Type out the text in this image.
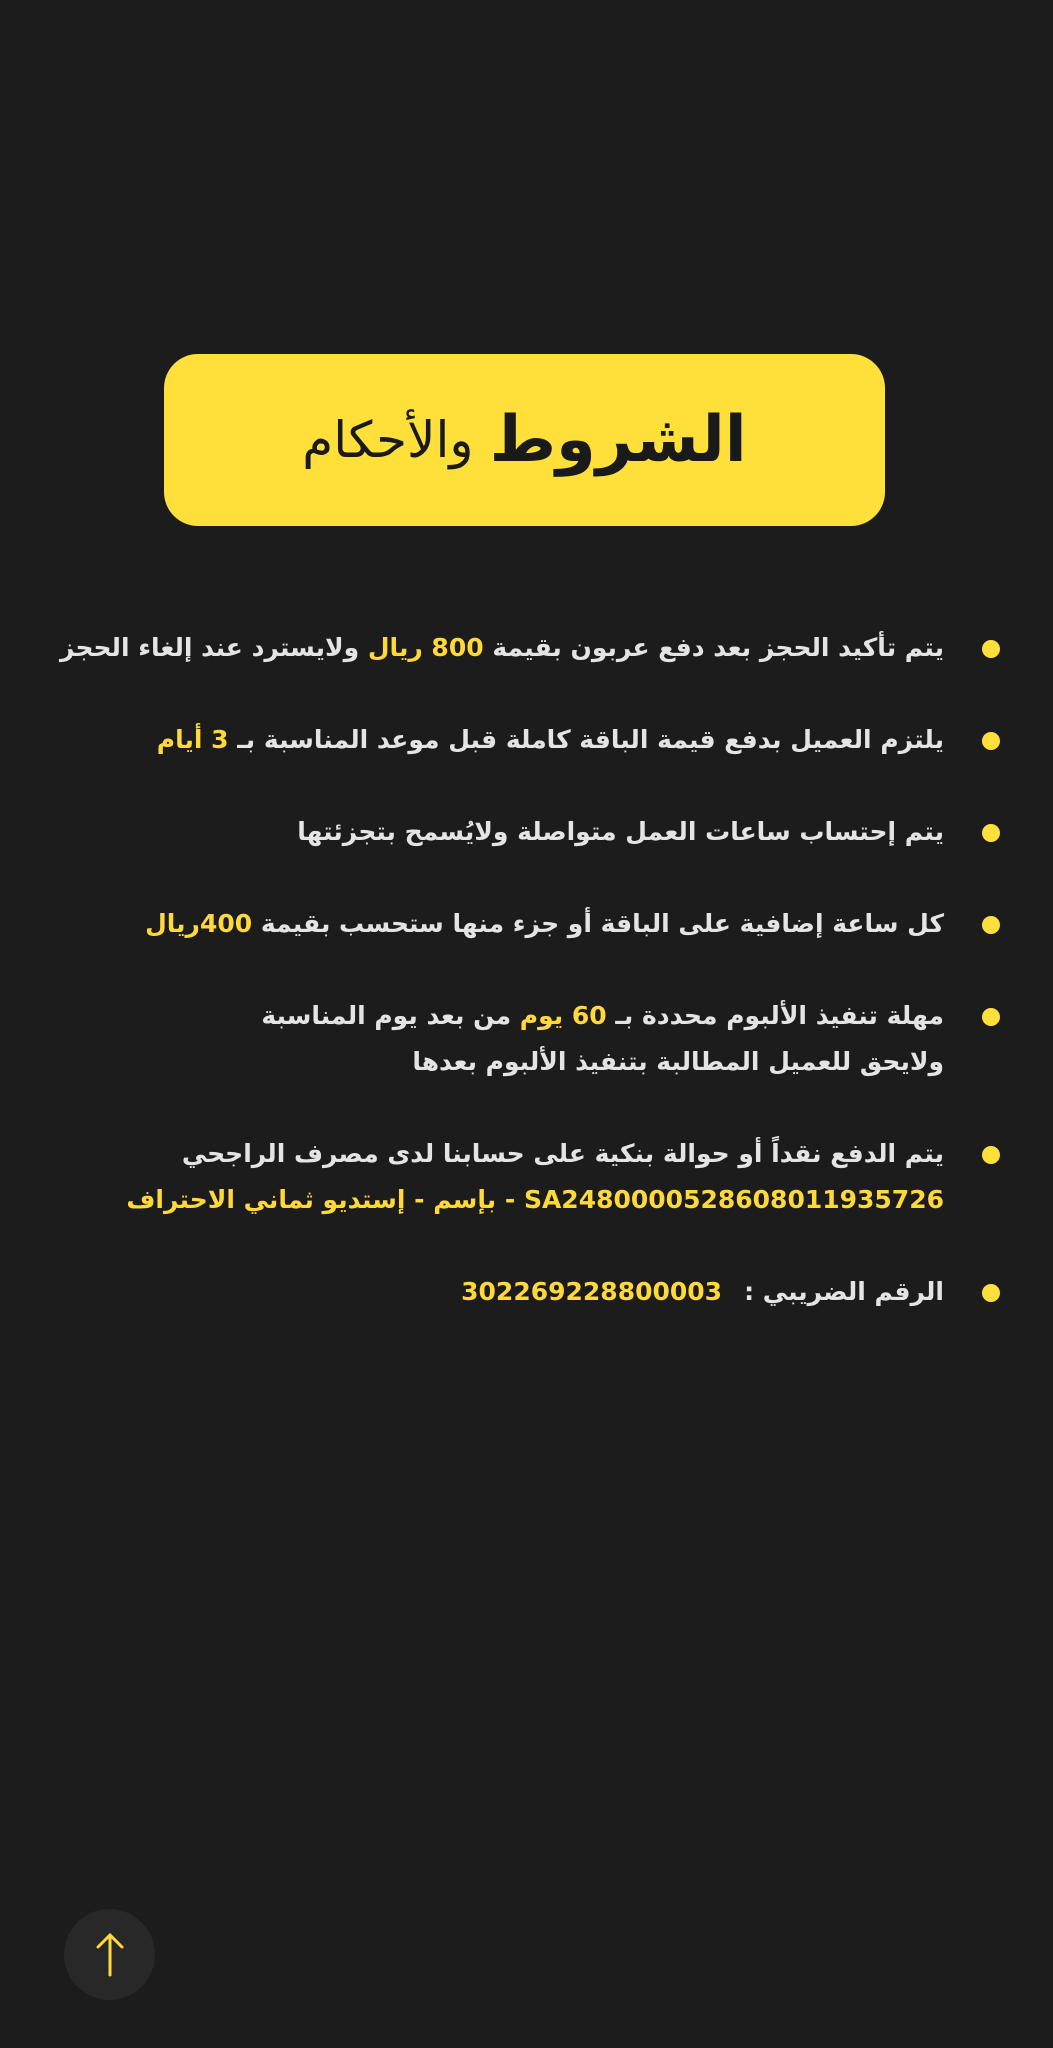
الشروط
والأحكام
يتم تأكيد الحجز بعد دفع عربون بقيمة 800 ريال ولايسترد عند إلغاء الحجز
يلتزم العميل بدفع قيمة الباقة كاملة قبل موعد المناسبة بـ 3 أيام
يتم إحتساب ساعات العمل متواصلة ولايُسمح بتجزئتها
كل ساعة إضافية على الباقة أو جزء منها ستحسب بقيمة 400ريال
مهلة تنفيذ الألبوم محددة بـ 60 يوم من بعد يوم المناسبة
ولايحق للعميل المطالبة بتنفيذ الألبوم بعدها
يتم الدفع نقداً أو حوالة بنكية على حسابنا لدى مصرف الراجحي
SA2480000528608011935726 - بإسم - إستديو ثماني الاحتراف
الرقم الضريبي :302269228800003
